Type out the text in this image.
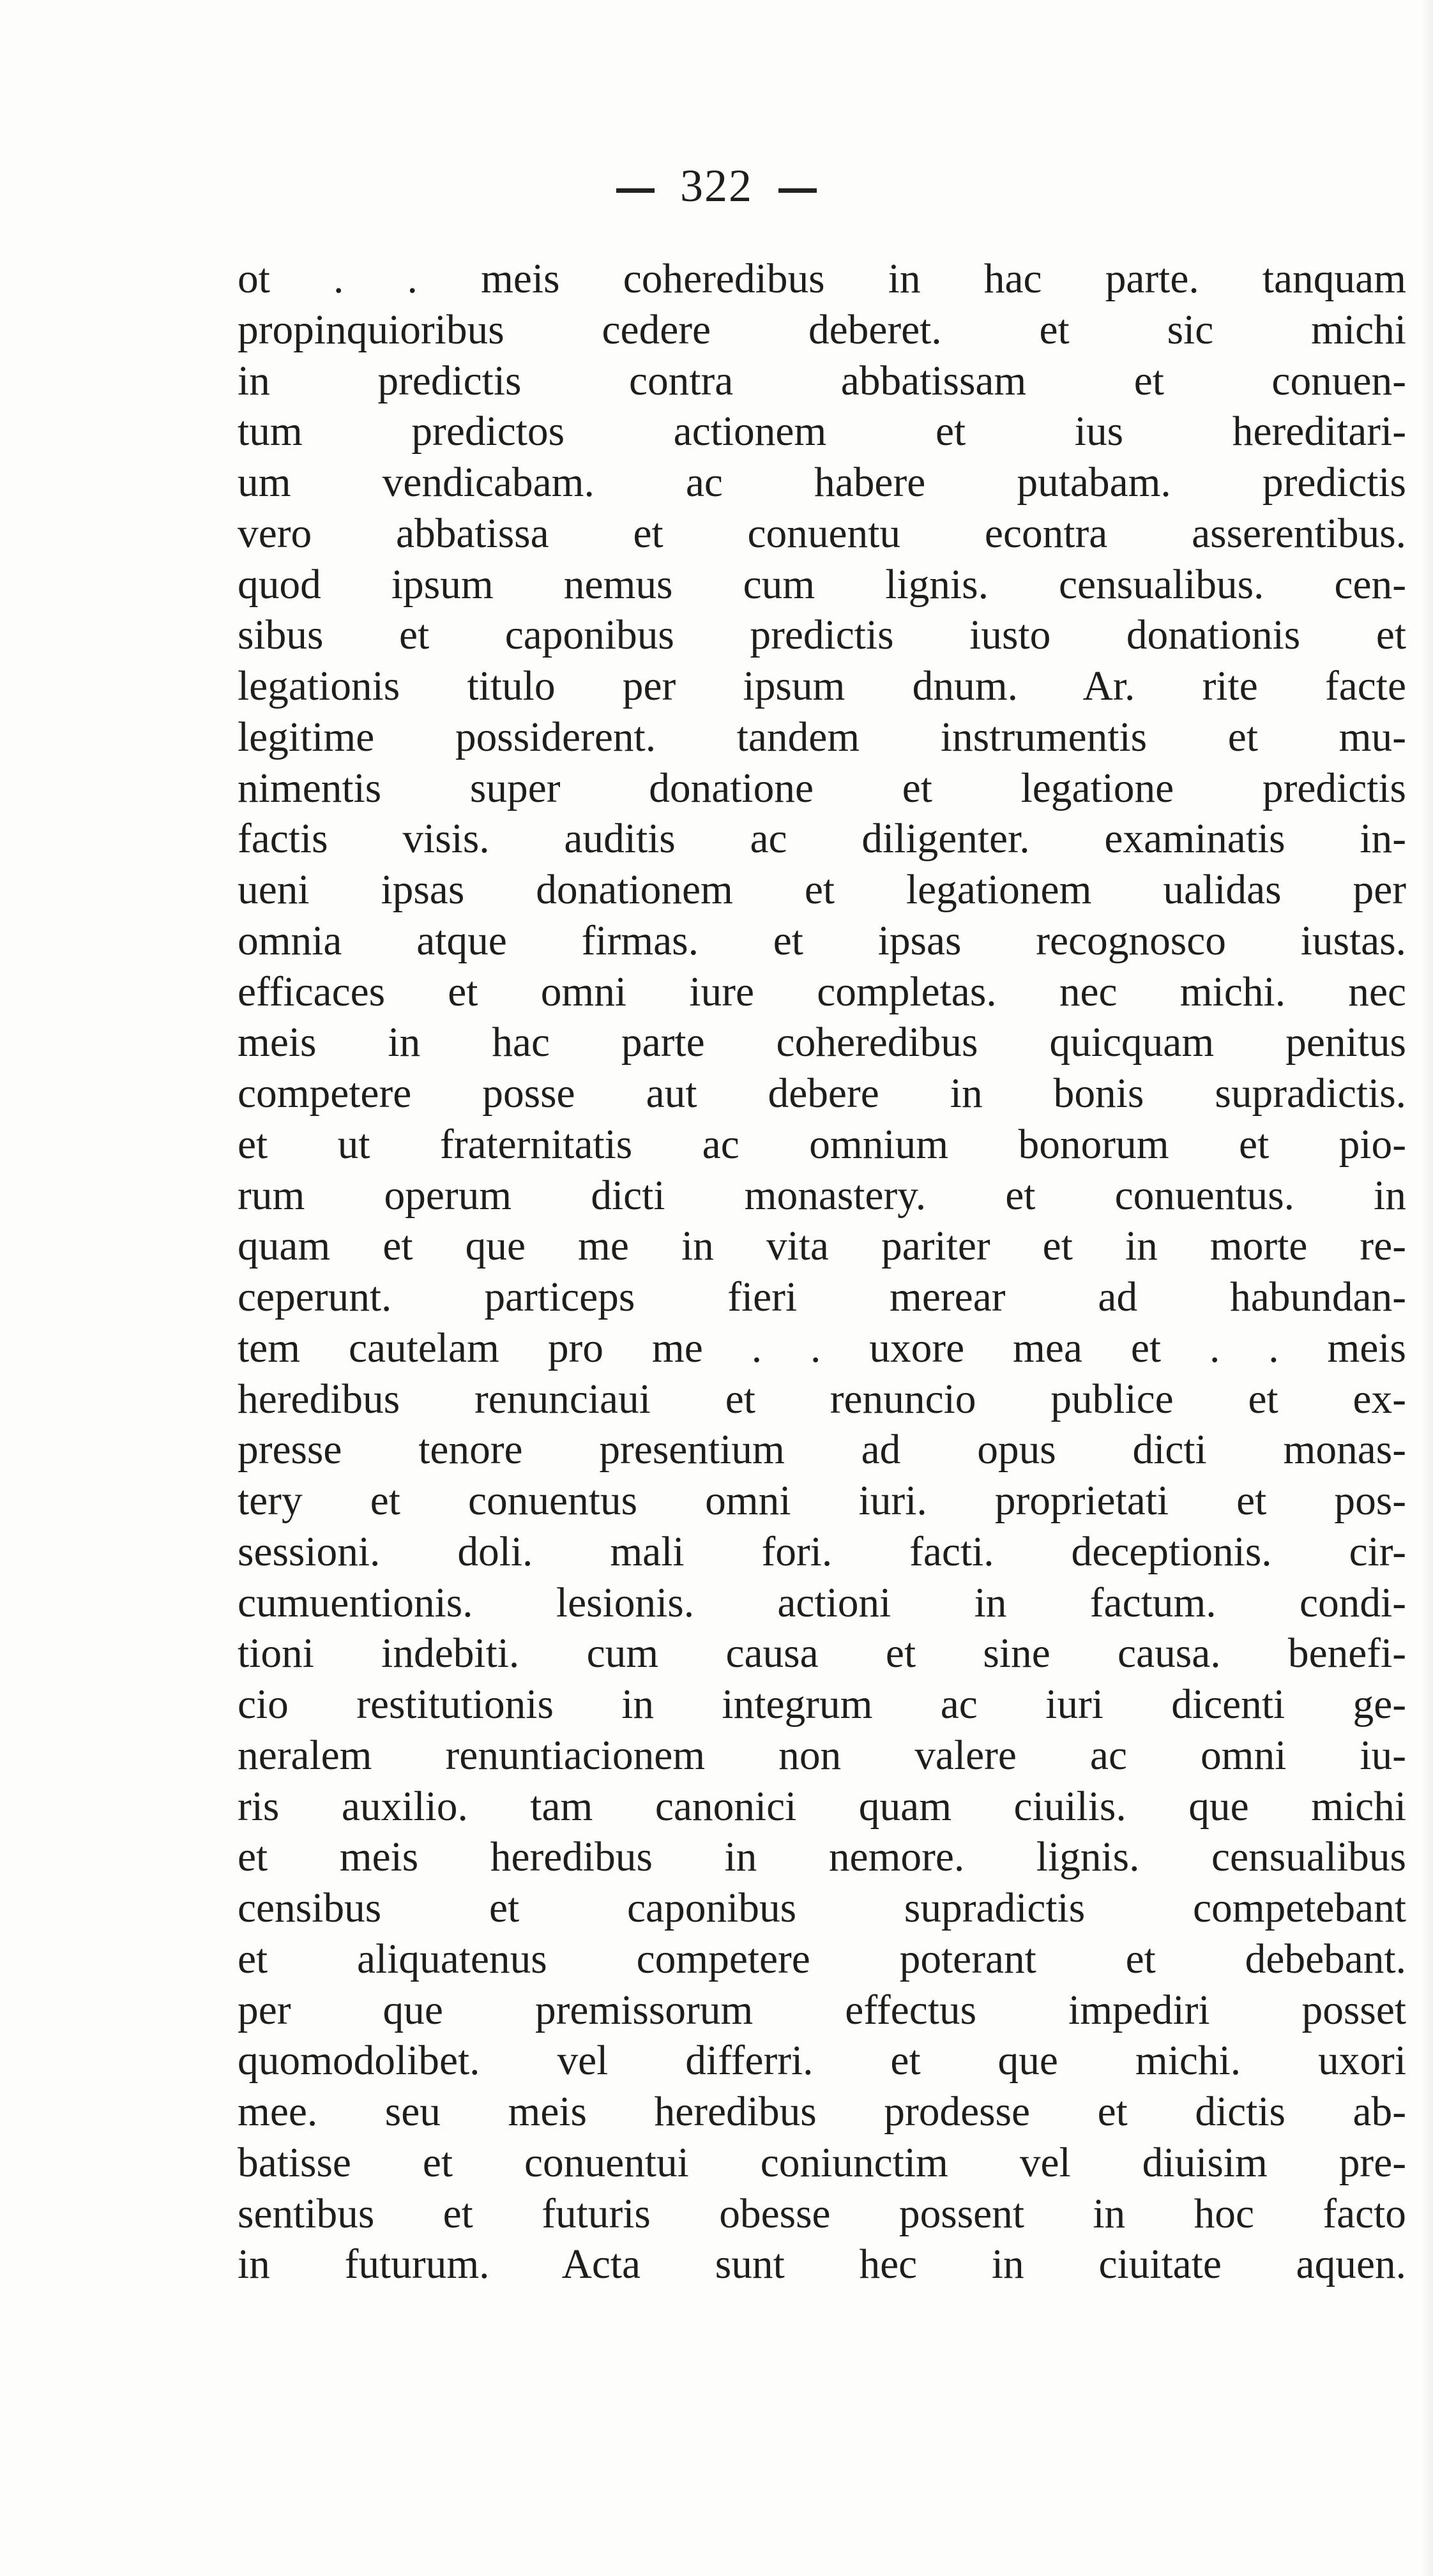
322
ot . . meis coheredibus in hac parte. tanquam
propinquioribus cedere deberet. et sic michi
in predictis contra abbatissam et conuen-
tum predictos actionem et ius hereditari-
um vendicabam. ac habere putabam. predictis
vero abbatissa et conuentu econtra asserentibus.
quod ipsum nemus cum lignis. censualibus. cen-
sibus et caponibus predictis iusto donationis et
legationis titulo per ipsum dnum. Ar. rite facte
legitime possiderent. tandem instrumentis et mu-
nimentis super donatione et legatione predictis
factis visis. auditis ac diligenter. examinatis in-
ueni ipsas donationem et legationem ualidas per
omnia atque firmas. et ipsas recognosco iustas.
efficaces et omni iure completas. nec michi. nec
meis in hac parte coheredibus quicquam penitus
competere posse aut debere in bonis supradictis.
et ut fraternitatis ac omnium bonorum et pio-
rum operum dicti monastery. et conuentus. in
quam et que me in vita pariter et in morte re-
ceperunt. particeps fieri merear ad habundan-
tem cautelam pro me . . uxore mea et . . meis
heredibus renunciaui et renuncio publice et ex-
presse tenore presentium ad opus dicti monas-
tery et conuentus omni iuri. proprietati et pos-
sessioni. doli. mali fori. facti. deceptionis. cir-
cumuentionis. lesionis. actioni in factum. condi-
tioni indebiti. cum causa et sine causa. benefi-
cio restitutionis in integrum ac iuri dicenti ge-
neralem renuntiacionem non valere ac omni iu-
ris auxilio. tam canonici quam ciuilis. que michi
et meis heredibus in nemore. lignis. censualibus
censibus et caponibus supradictis competebant
et aliquatenus competere poterant et debebant.
per que premissorum effectus impediri posset
quomodolibet. vel differri. et que michi. uxori
mee. seu meis heredibus prodesse et dictis ab-
batisse et conuentui coniunctim vel diuisim pre-
sentibus et futuris obesse possent in hoc facto
in futurum. Acta sunt hec in ciuitate aquen.
